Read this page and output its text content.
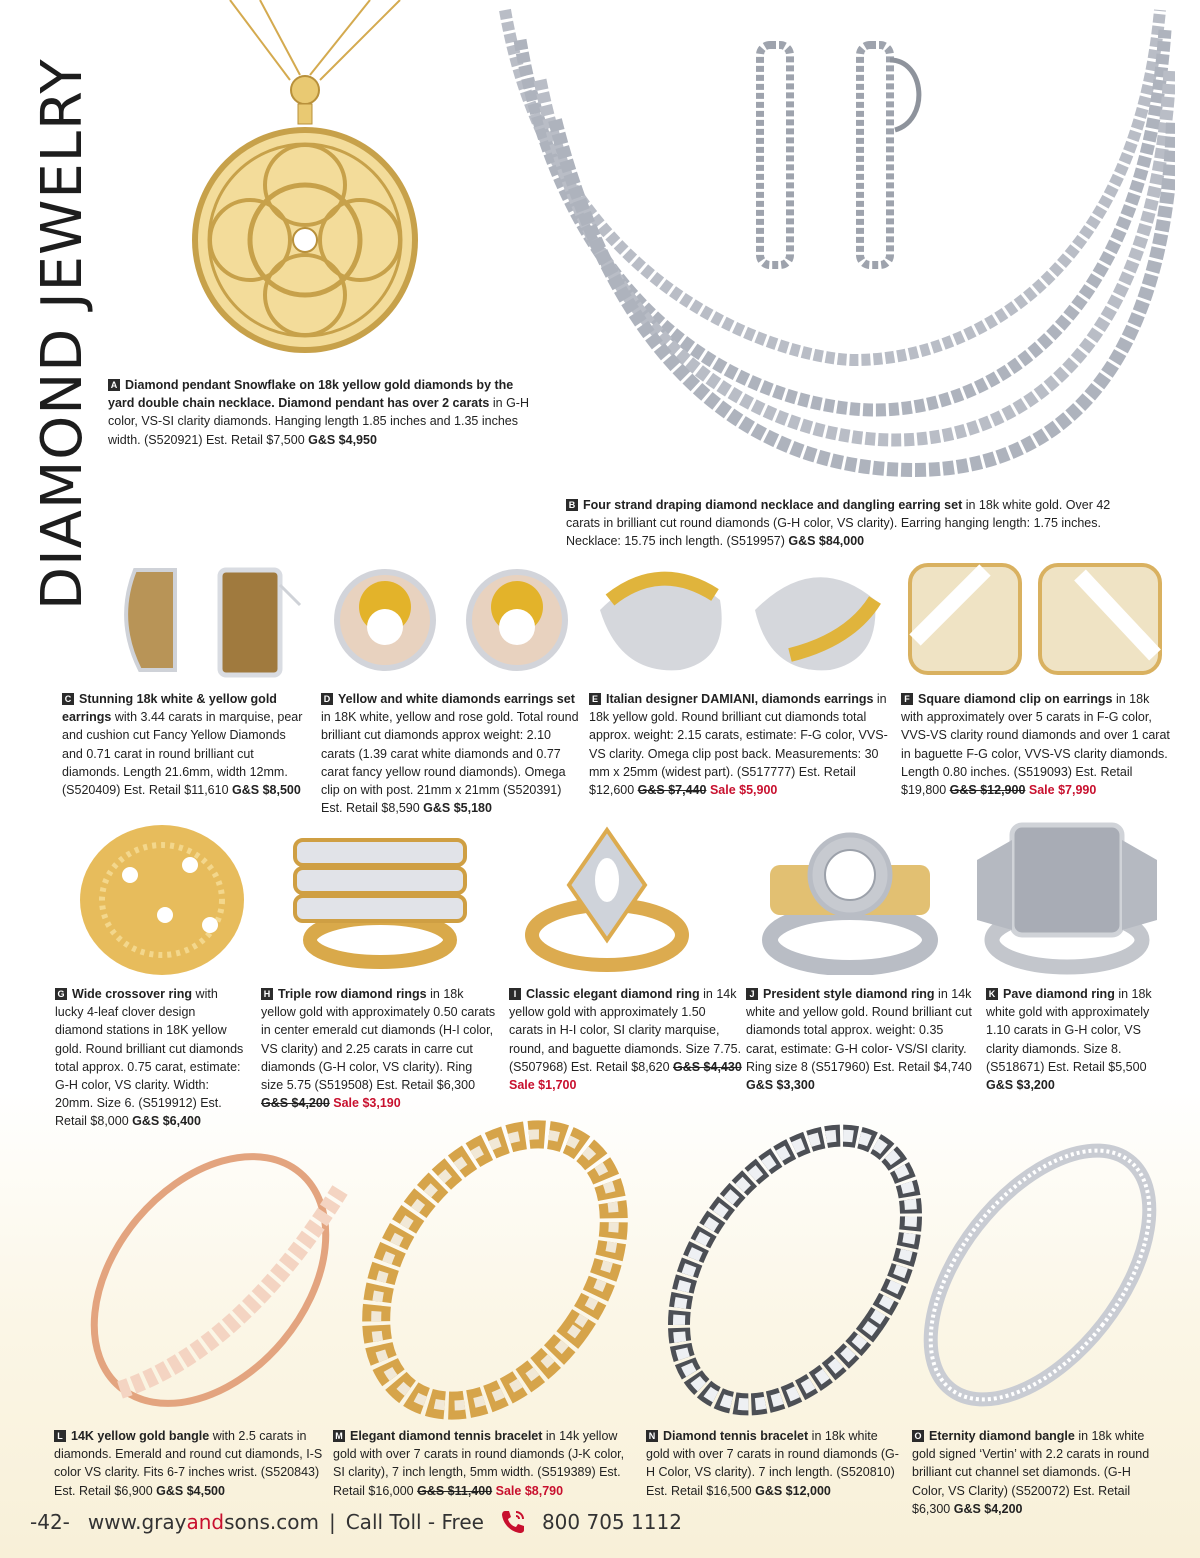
DIAMOND JEWELRY	A Diamond pendant Snowflake on 18k yellow gold diamonds by the yard double chain necklace. Diamond pendant has over 2 carats in G-H color, VS-SI clarity diamonds. Hanging length 1.85 inches and 1.35 inches width. (S520921) Est. Retail $7,500 G&S $4,950
B Four strand draping diamond necklace and dangling earring set in 18k white gold. Over 42 carats in brilliant cut round diamonds (G-H color, VS clarity). Earring hanging length: 1.75 inches. Necklace: 15.75 inch length. (S519957) G&S $84,000
C Stunning 18k white & yellow gold earrings with 3.44 carats in marquise, pear and cushion cut Fancy Yellow Diamonds and 0.71 carat in round brilliant cut diamonds. Length 21.6mm, width 12mm. (S520409) Est. Retail $11,610 G&S $8,500
D Yellow and white diamonds earrings set in 18K white, yellow and rose gold. Total round brilliant cut diamonds approx weight: 2.10 carats (1.39 carat white diamonds and 0.77 carat fancy yellow round diamonds). Omega clip on with post. 21mm x 21mm (S520391) Est. Retail $8,590 G&S $5,180
E Italian designer DAMIANI, diamonds earrings in 18k yellow gold. Round brilliant cut diamonds total approx. weight: 2.15 carats, estimate: F-G color, VVS-VS clarity. Omega clip post back. Measurements: 30 mm x 25mm (widest part). (S517777) Est. Retail $12,600 G&S $7,440 Sale $5,900
F Square diamond clip on earrings in 18k with approximately over 5 carats in F-G color, VVS-VS clarity round diamonds and over 1 carat in baguette F-G color, VVS-VS clarity diamonds. Length 0.80 inches. (S519093) Est. Retail $19,800 G&S $12,900 Sale $7,990
G Wide crossover ring with lucky 4-leaf clover design diamond stations in 18K yellow gold. Round brilliant cut diamonds total approx. 0.75 carat, estimate: G-H color, VS clarity. Width: 20mm. Size 6. (S519912) Est. Retail $8,000 G&S $6,400
H Triple row diamond rings in 18k yellow gold with approximately 0.50 carats in center emerald cut diamonds (H-I color, VS clarity) and 2.25 carats in carre cut diamonds (G-H color, VS clarity). Ring size 5.75 (S519508) Est. Retail $6,300 G&S $4,200 Sale $3,190
I Classic elegant diamond ring in 14k yellow gold with approximately 1.50 carats in H-I color, SI clarity marquise, round, and baguette diamonds. Size 7.75. (S507968) Est. Retail $8,620 G&S $4,430 Sale $1,700
J President style diamond ring in 14k white and yellow gold. Round brilliant cut diamonds total approx. weight: 0.35 carat, estimate: G-H color- VS/SI clarity. Ring size 8 (S517960) Est. Retail $4,740 G&S $3,300
K Pave diamond ring in 18k white gold with approximately 1.10 carats in G-H color, VS clarity diamonds. Size 8. (S518671) Est. Retail $5,500 G&S $3,200
L 14K yellow gold bangle with 2.5 carats in diamonds. Emerald and round cut diamonds, I-S color VS clarity. Fits 6-7 inches wrist. (S520843) Est. Retail $6,900 G&S $4,500
M Elegant diamond tennis bracelet in 14k yellow gold with over 7 carats in round diamonds (J-K color, SI clarity), 7 inch length, 5mm width. (S519389) Est. Retail $16,000 G&S $11,400 Sale $8,790
N Diamond tennis bracelet in 18k white gold with over 7 carats in round diamonds (G-H Color, VS clarity). 7 inch length. (S520810) Est. Retail $16,500 G&S $12,000
O Eternity diamond bangle in 18k white gold signed ‘Vertin’ with 2.2 carats in round brilliant cut channel set diamonds. (G-H Color, VS Clarity) (S520072) Est. Retail $6,300 G&S $4,200
-42- www.grayandsons.com | Call Toll - Free	800 705 1112
